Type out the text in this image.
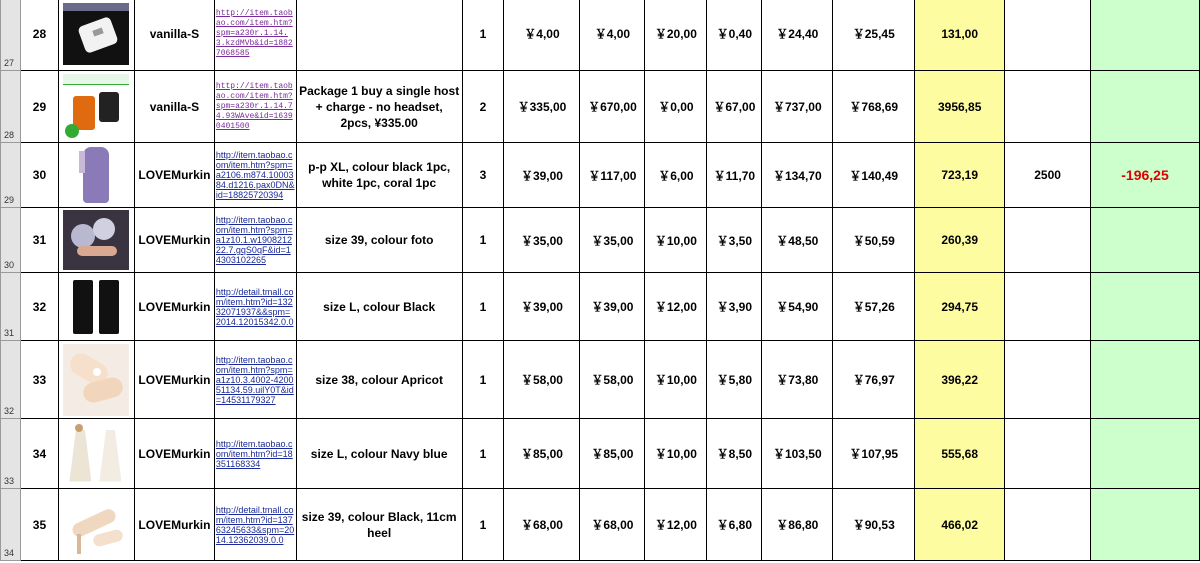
27	28		vanilla-S	http://item.taobao.com/item.htm?spm=a230r.1.14.3.kzdMVb&id=18827068585		1	￥4,00	￥4,00	￥20,00	￥0,40	￥24,40	￥25,45	131,00		
28	29		vanilla-S	http://item.taobao.com/item.htm?spm=a230r.1.14.74.93WAve&id=16390401500	Package 1 buy a single host + charge - no headset, 2pcs, ¥335.00	2	￥335,00	￥670,00	￥0,00	￥67,00	￥737,00	￥768,69	3956,85		
29	30		LOVEMurkin	http://item.taobao.com/item.htm?spm=a2106.m874.1000384.d1216.pax0DN&id=18825720394	p-p XL, colour black 1pc, white 1pc, coral 1pc	3	￥39,00	￥117,00	￥6,00	￥11,70	￥134,70	￥140,49	723,19	2500	-196,25
30	31		LOVEMurkin	http://item.taobao.com/item.htm?spm=a1z10.1.w190821222.7.gqS0qF&id=14303102265	size 39, colour foto	1	￥35,00	￥35,00	￥10,00	￥3,50	￥48,50	￥50,59	260,39		
31	32		LOVEMurkin	http://detail.tmall.com/item.htm?id=13232071937&&spm=2014.12015342.0.0	size L, colour Black	1	￥39,00	￥39,00	￥12,00	￥3,90	￥54,90	￥57,26	294,75		
32	33		LOVEMurkin	http://item.taobao.com/item.htm?spm=a1z10.3.4002-420051134.59.uilY0T&id=14531179327	size 38, colour Apricot	1	￥58,00	￥58,00	￥10,00	￥5,80	￥73,80	￥76,97	396,22		
33	34		LOVEMurkin	http://item.taobao.com/item.htm?id=18351168334	size L, colour Navy blue	1	￥85,00	￥85,00	￥10,00	￥8,50	￥103,50	￥107,95	555,68		
34	35		LOVEMurkin	http://detail.tmall.com/item.htm?id=13763245633&spm=2014.12362039.0.0	size 39, colour Black, 11cm heel	1	￥68,00	￥68,00	￥12,00	￥6,80	￥86,80	￥90,53	466,02		
